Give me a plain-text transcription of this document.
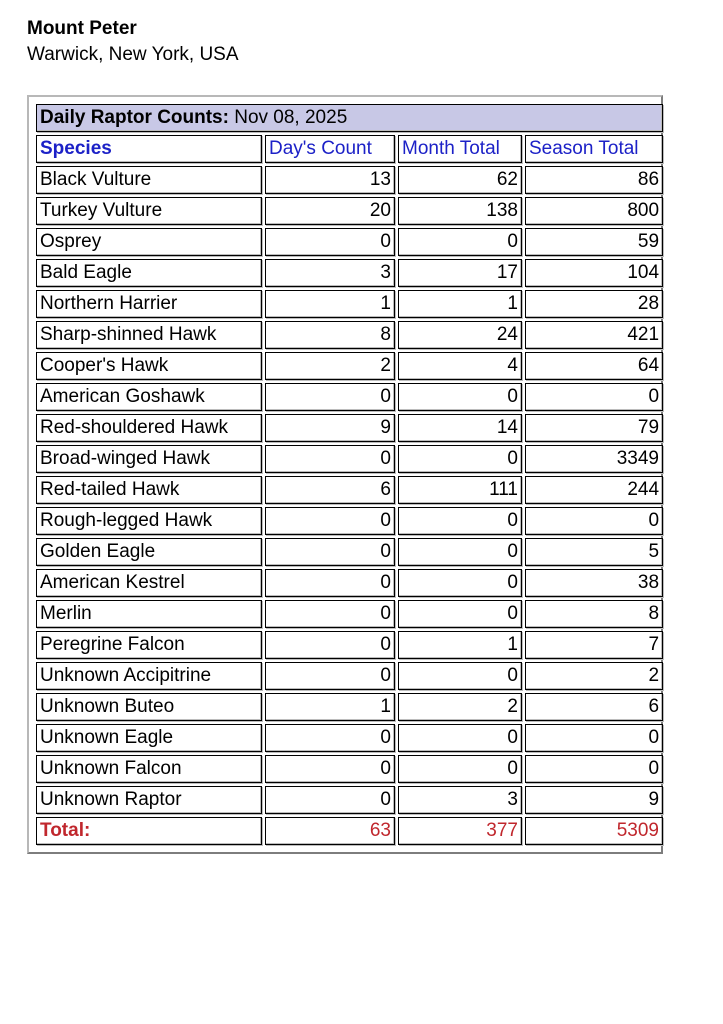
Mount Peter
Warwick, New York, USA
Daily Raptor Counts: Nov 08, 2025			
Species	Day's Count	Month Total	Season Total
Black Vulture	13	62	86
Turkey Vulture	20	138	800
Osprey	0	0	59
Bald Eagle	3	17	104
Northern Harrier	1	1	28
Sharp-shinned Hawk	8	24	421
Cooper's Hawk	2	4	64
American Goshawk	0	0	0
Red-shouldered Hawk	9	14	79
Broad-winged Hawk	0	0	3349
Red-tailed Hawk	6	111	244
Rough-legged Hawk	0	0	0
Golden Eagle	0	0	5
American Kestrel	0	0	38
Merlin	0	0	8
Peregrine Falcon	0	1	7
Unknown Accipitrine	0	0	2
Unknown Buteo	1	2	6
Unknown Eagle	0	0	0
Unknown Falcon	0	0	0
Unknown Raptor	0	3	9
Total:	63	377	5309
